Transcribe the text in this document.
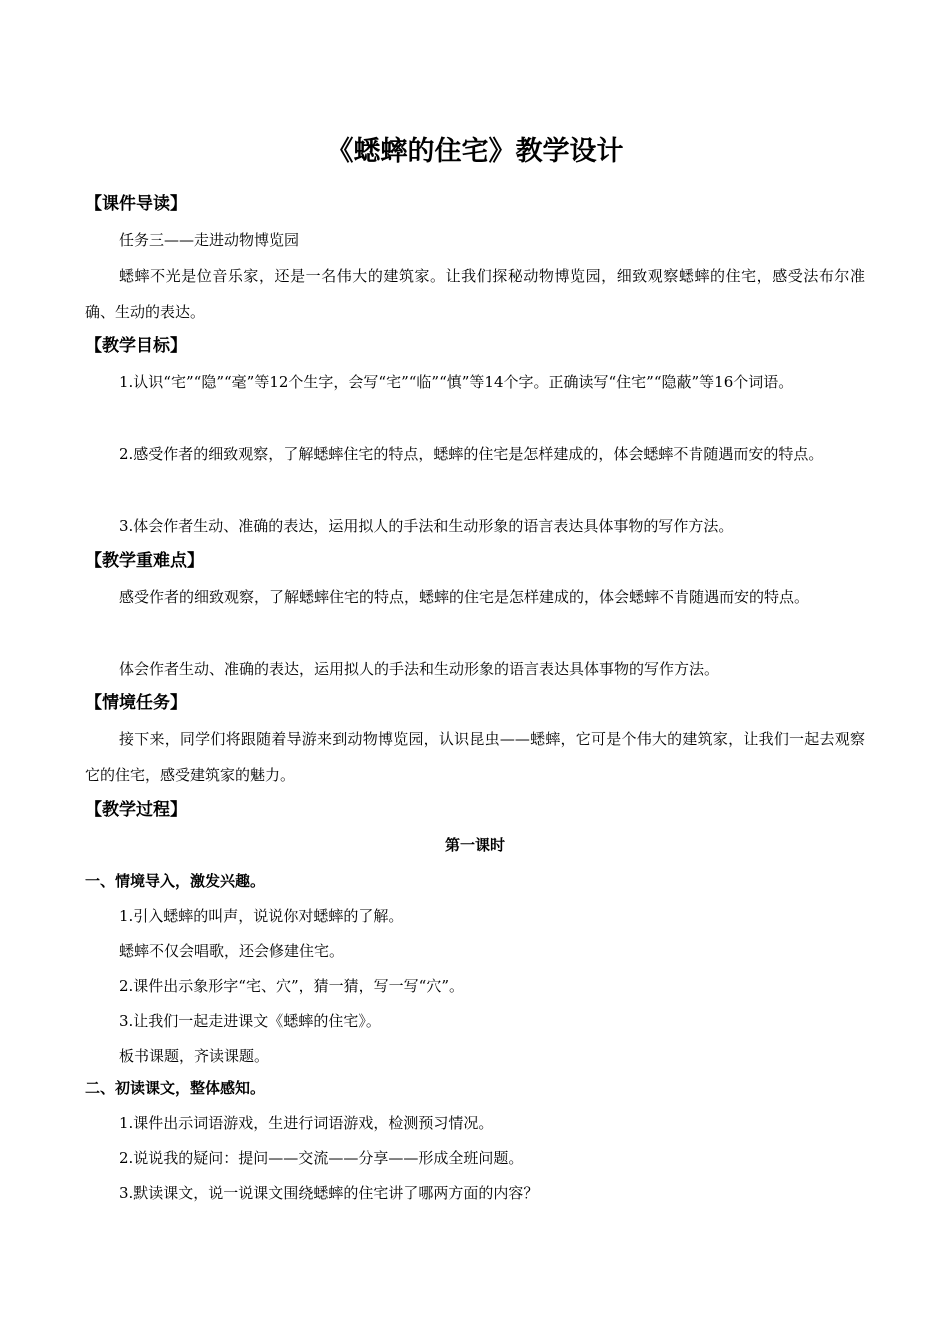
《蟋蟀的住宅》教学设计
【课件导读】

任务三——走进动物博览园

蟋蟀不光是位音乐家，还是一名伟大的建筑家。让我们探秘动物博览园，细致观察蟋蟀的住宅，感受法布尔准确、生动的表达。

【教学目标】

1.认识“宅”“隐”“毫”等12个生字，会写“宅”“临”“慎”等14个字。正确读写“住宅”“隐蔽”等16个词语。

2.感受作者的细致观察，了解蟋蟀住宅的特点，蟋蟀的住宅是怎样建成的，体会蟋蟀不肯随遇而安的特点。

3.体会作者生动、准确的表达，运用拟人的手法和生动形象的语言表达具体事物的写作方法。

【教学重难点】

感受作者的细致观察，了解蟋蟀住宅的特点，蟋蟀的住宅是怎样建成的，体会蟋蟀不肯随遇而安的特点。

体会作者生动、准确的表达，运用拟人的手法和生动形象的语言表达具体事物的写作方法。

【情境任务】

接下来，同学们将跟随着导游来到动物博览园，认识昆虫——蟋蟀，它可是个伟大的建筑家，让我们一起去观察它的住宅，感受建筑家的魅力。

【教学过程】
第一课时
一、情境导入，激发兴趣。

1.引入蟋蟀的叫声，说说你对蟋蟀的了解。

蟋蟀不仅会唱歌，还会修建住宅。

2.课件出示象形字“宅、穴”，猜一猜，写一写“穴”。

3.让我们一起走进课文《蟋蟀的住宅》。

板书课题，齐读课题。

二、初读课文，整体感知。

1.课件出示词语游戏，生进行词语游戏，检测预习情况。

2.说说我的疑问：提问——交流——分享——形成全班问题。

3.默读课文，说一说课文围绕蟋蟀的住宅讲了哪两方面的内容？
